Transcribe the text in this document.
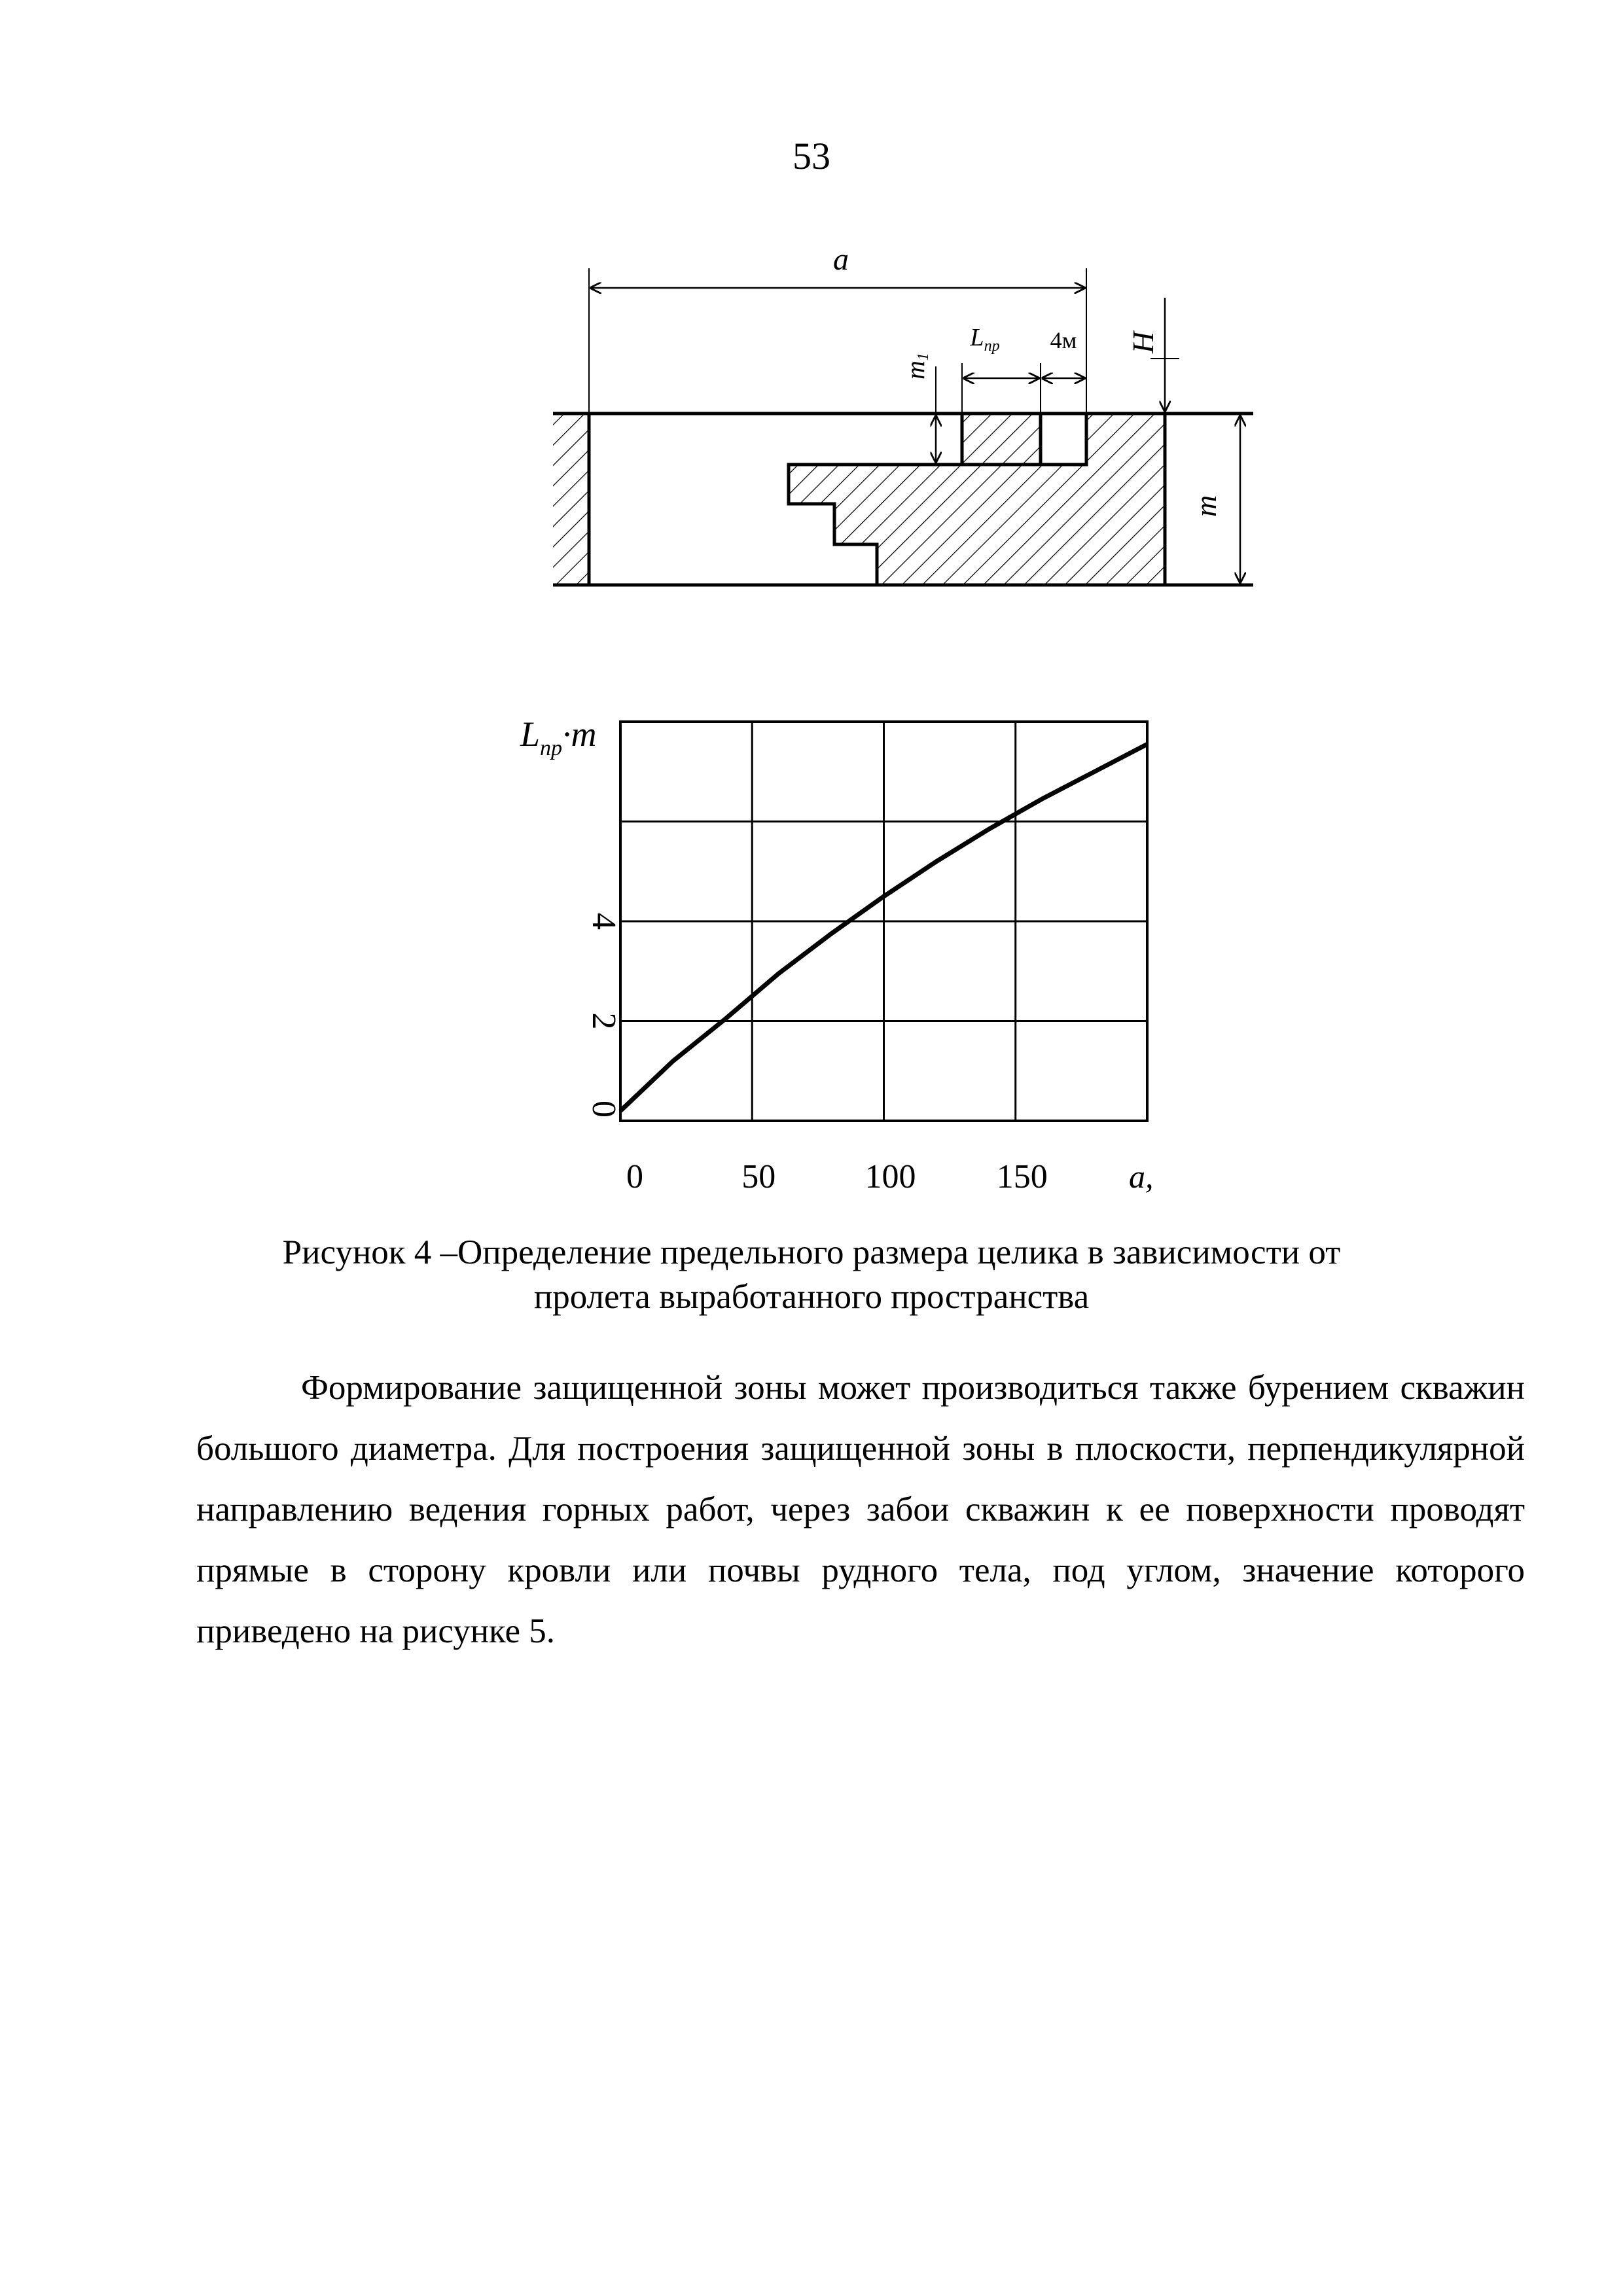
53
a
$L_{пр}$ 4м
m1
H
m
$L_{пр}\cdot m$
0	50	100 150
0
2
4
a,
Рисунок 4 –Определение предельного размера целика в зависимости от
пролета выработанного пространства

Формирование защищенной зоны может производиться также бурением скважин большого диаметра. Для построения защищенной зоны в плоскости, перпендикулярной направлению ведения горных работ, через забои скважин к ее поверхности проводят прямые в сторону кровли или почвы рудного тела, под углом, значение которого приведено на рисунке 5.
